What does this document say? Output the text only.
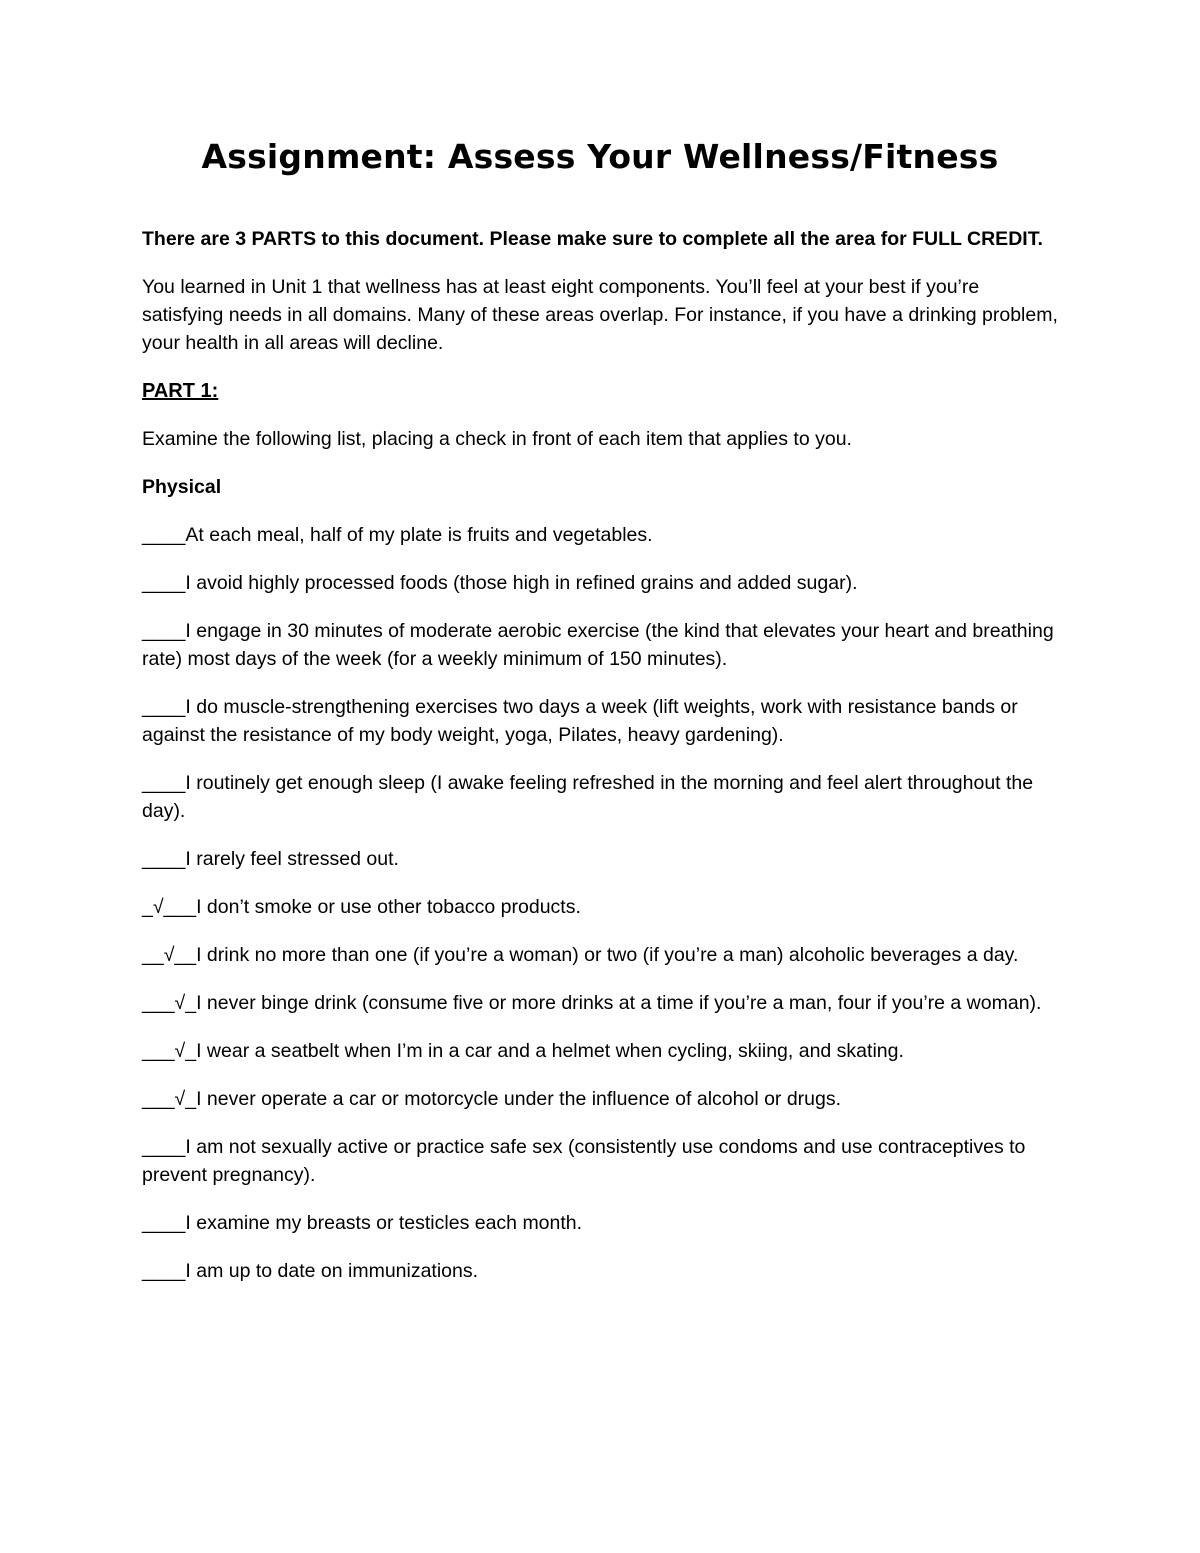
Assignment: Assess Your Wellness/Fitness

There are 3 PARTS to this document. Please make sure to complete all the area for FULL CREDIT.

You learned in Unit 1 that wellness has at least eight components. You’ll feel at your best if you’re satisfying needs in all domains. Many of these areas overlap. For instance, if you have a drinking problem, your health in all areas will decline.

PART 1:

Examine the following list, placing a check in front of each item that applies to you.

Physical

____At each meal, half of my plate is fruits and vegetables.

____I avoid highly processed foods (those high in refined grains and added sugar).

____I engage in 30 minutes of moderate aerobic exercise (the kind that elevates your heart and breathing rate) most days of the week (for a weekly minimum of 150 minutes).

____I do muscle-strengthening exercises two days a week (lift weights, work with resistance bands or against the resistance of my body weight, yoga, Pilates, heavy gardening).

____I routinely get enough sleep (I awake feeling refreshed in the morning and feel alert throughout the day).

____I rarely feel stressed out.

_√___I don’t smoke or use other tobacco products.

__√__I drink no more than one (if you’re a woman) or two (if you’re a man) alcoholic beverages a day.

___√_I never binge drink (consume five or more drinks at a time if you’re a man, four if you’re a woman).

___√_I wear a seatbelt when I’m in a car and a helmet when cycling, skiing, and skating.

___√_I never operate a car or motorcycle under the influence of alcohol or drugs.

____I am not sexually active or practice safe sex (consistently use condoms and use contraceptives to prevent pregnancy).

____I examine my breasts or testicles each month.

____I am up to date on immunizations.
